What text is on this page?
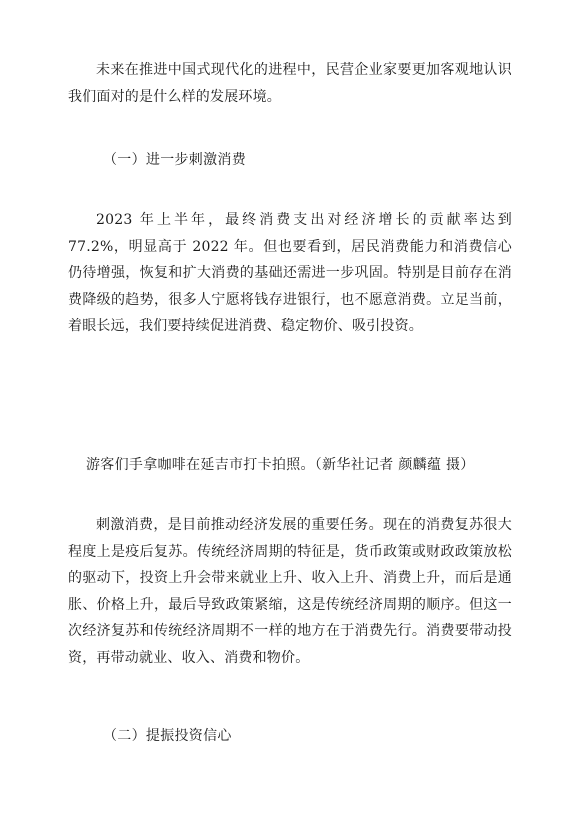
未来在推进中国式现代化的进程中，民营企业家要更加客观地认识我们面对的是什么样的发展环境。

（一）进一步刺激消费

2023 年上半年，最终消费支出对经济增长的贡献率达到 77.2%，明显高于 2022 年。但也要看到，居民消费能力和消费信心仍待增强，恢复和扩大消费的基础还需进一步巩固。特别是目前存在消费降级的趋势，很多人宁愿将钱存进银行，也不愿意消费。立足当前，着眼长远，我们要持续促进消费、稳定物价、吸引投资。

游客们手拿咖啡在延吉市打卡拍照。（新华社记者 颜麟蕴 摄）

刺激消费，是目前推动经济发展的重要任务。现在的消费复苏很大程度上是疫后复苏。传统经济周期的特征是，货币政策或财政政策放松的驱动下，投资上升会带来就业上升、收入上升、消费上升，而后是通胀、价格上升，最后导致政策紧缩，这是传统经济周期的顺序。但这一次经济复苏和传统经济周期不一样的地方在于消费先行。消费要带动投资，再带动就业、收入、消费和物价。

（二）提振投资信心
